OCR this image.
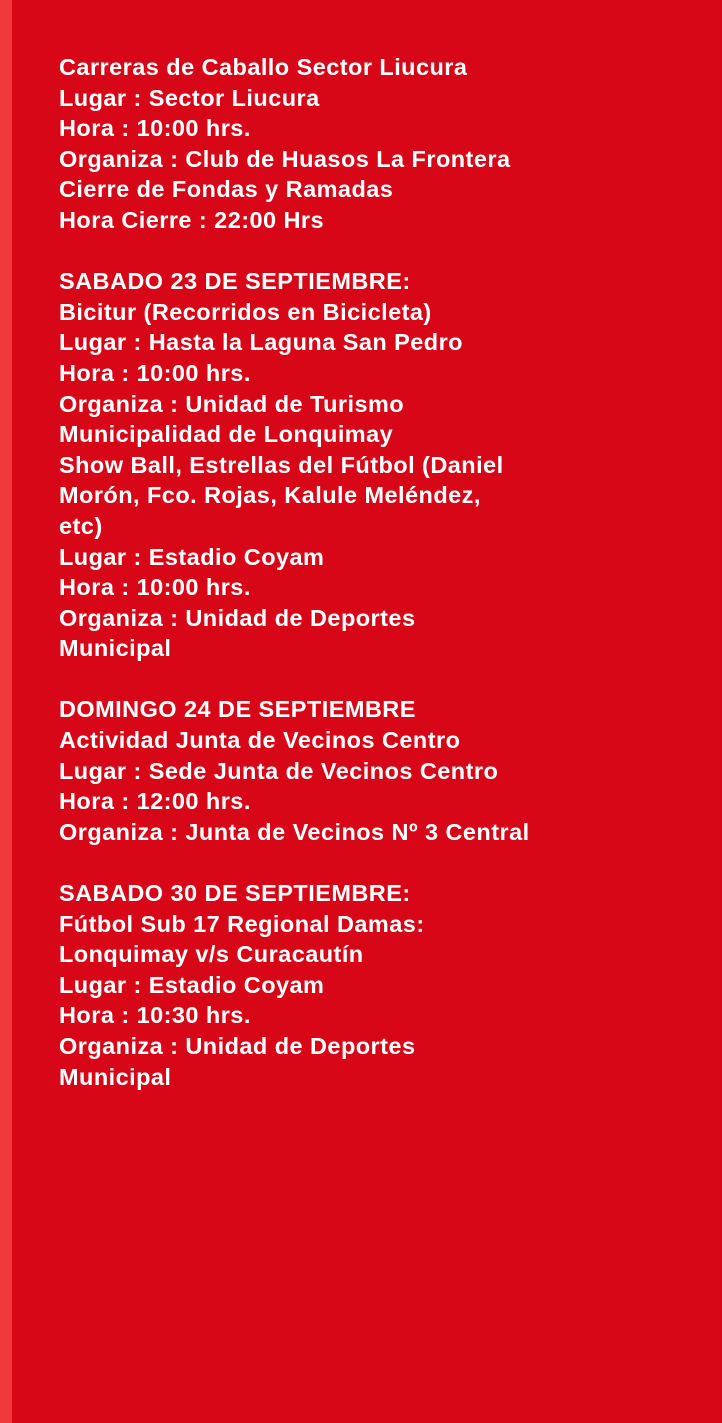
Carreras de Caballo Sector Liucura
Lugar : Sector Liucura
Hora : 10:00 hrs.
Organiza : Club de Huasos La Frontera
Cierre de Fondas y Ramadas
Hora Cierre : 22:00 Hrs
SABADO 23 DE SEPTIEMBRE:
Bicitur (Recorridos en Bicicleta)
Lugar : Hasta la Laguna San Pedro
Hora : 10:00 hrs.
Organiza : Unidad de Turismo
Municipalidad de Lonquimay
Show Ball, Estrellas del Fútbol (Daniel
Morón, Fco. Rojas, Kalule Meléndez,
etc)
Lugar : Estadio Coyam
Hora : 10:00 hrs.
Organiza : Unidad de Deportes
Municipal
DOMINGO 24 DE SEPTIEMBRE
Actividad Junta de Vecinos Centro
Lugar : Sede Junta de Vecinos Centro
Hora : 12:00 hrs.
Organiza : Junta de Vecinos Nº 3 Central
SABADO 30 DE SEPTIEMBRE:
Fútbol Sub 17 Regional Damas:
Lonquimay v/s Curacautín
Lugar : Estadio Coyam
Hora : 10:30 hrs.
Organiza : Unidad de Deportes
Municipal
